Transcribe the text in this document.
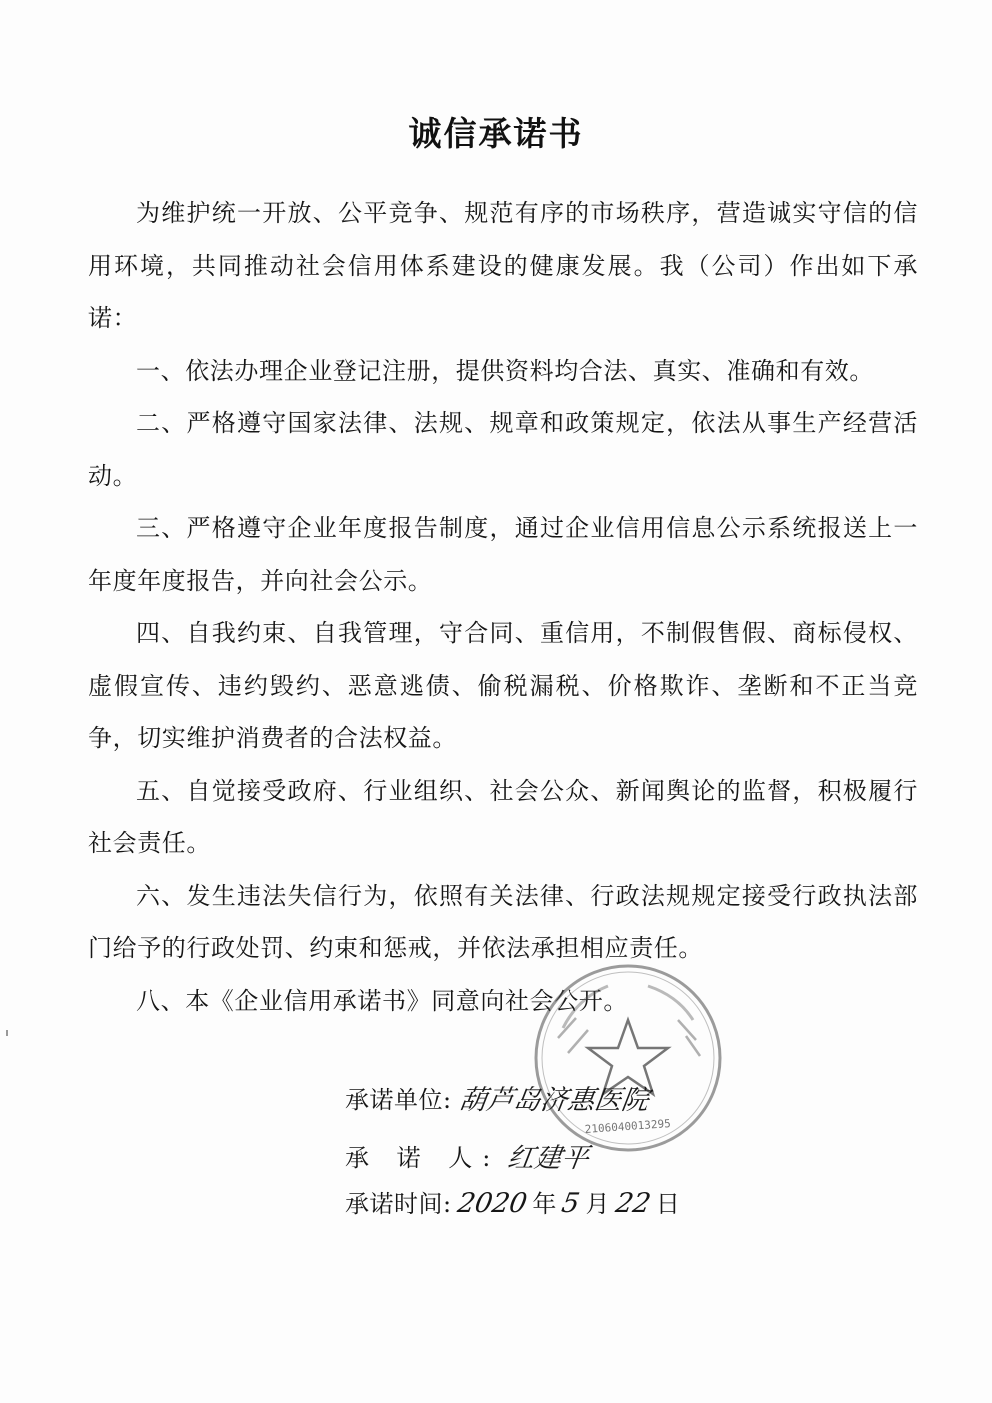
诚信承诺书

为维护统一开放、公平竞争、规范有序的市场秩序，营造诚实守信的信用环境，共同推动社会信用体系建设的健康发展。我（公司）作出如下承诺：

一、依法办理企业登记注册，提供资料均合法、真实、准确和有效。

二、严格遵守国家法律、法规、规章和政策规定，依法从事生产经营活动。

三、严格遵守企业年度报告制度，通过企业信用信息公示系统报送上一年度年度报告，并向社会公示。

四、自我约束、自我管理，守合同、重信用，不制假售假、商标侵权、虚假宣传、违约毁约、恶意逃债、偷税漏税、价格欺诈、垄断和不正当竞争，切实维护消费者的合法权益。

五、自觉接受政府、行业组织、社会公众、新闻舆论的监督，积极履行社会责任。

六、发生违法失信行为，依照有关法律、行政法规规定接受行政执法部门给予的行政处罚、约束和惩戒，并依法承担相应责任。

八、本《企业信用承诺书》同意向社会公开。

2106040013295
承诺单位: 葫芦岛济惠医院
承 诺 人: 红建平
承诺时间: 2020 年 5 月 22 日
